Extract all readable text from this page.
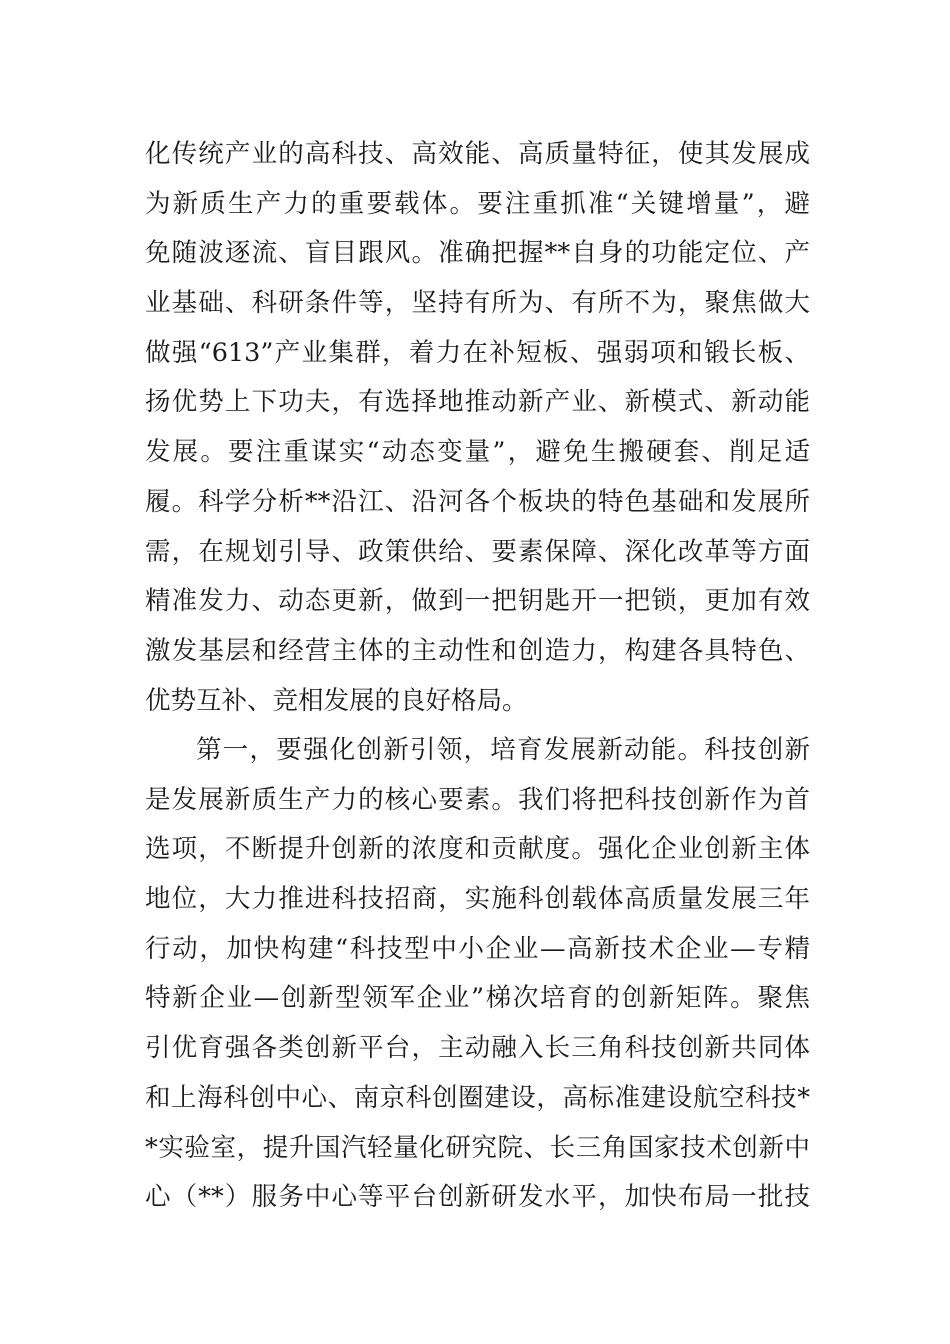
化传统产业的高科技、高效能、高质量特征，使其发展成
为新质生产力的重要载体。要注重抓准“关键增量”，避
免随波逐流、盲目跟风。准确把握**自身的功能定位、产
业基础、科研条件等，坚持有所为、有所不为，聚焦做大
做强“613”产业集群，着力在补短板、强弱项和锻长板、
扬优势上下功夫，有选择地推动新产业、新模式、新动能
发展。要注重谋实“动态变量”，避免生搬硬套、削足适
履。科学分析**沿江、沿河各个板块的特色基础和发展所
需，在规划引导、政策供给、要素保障、深化改革等方面
精准发力、动态更新，做到一把钥匙开一把锁，更加有效
激发基层和经营主体的主动性和创造力，构建各具特色、
优势互补、竞相发展的良好格局。
第一，要强化创新引领，培育发展新动能。科技创新
是发展新质生产力的核心要素。我们将把科技创新作为首
选项，不断提升创新的浓度和贡献度。强化企业创新主体
地位，大力推进科技招商，实施科创载体高质量发展三年
行动，加快构建“科技型中小企业—高新技术企业—专精
特新企业—创新型领军企业”梯次培育的创新矩阵。聚焦
引优育强各类创新平台，主动融入长三角科技创新共同体
和上海科创中心、南京科创圈建设，高标准建设航空科技*
*实验室，提升国汽轻量化研究院、长三角国家技术创新中
心（**）服务中心等平台创新研发水平，加快布局一批技
